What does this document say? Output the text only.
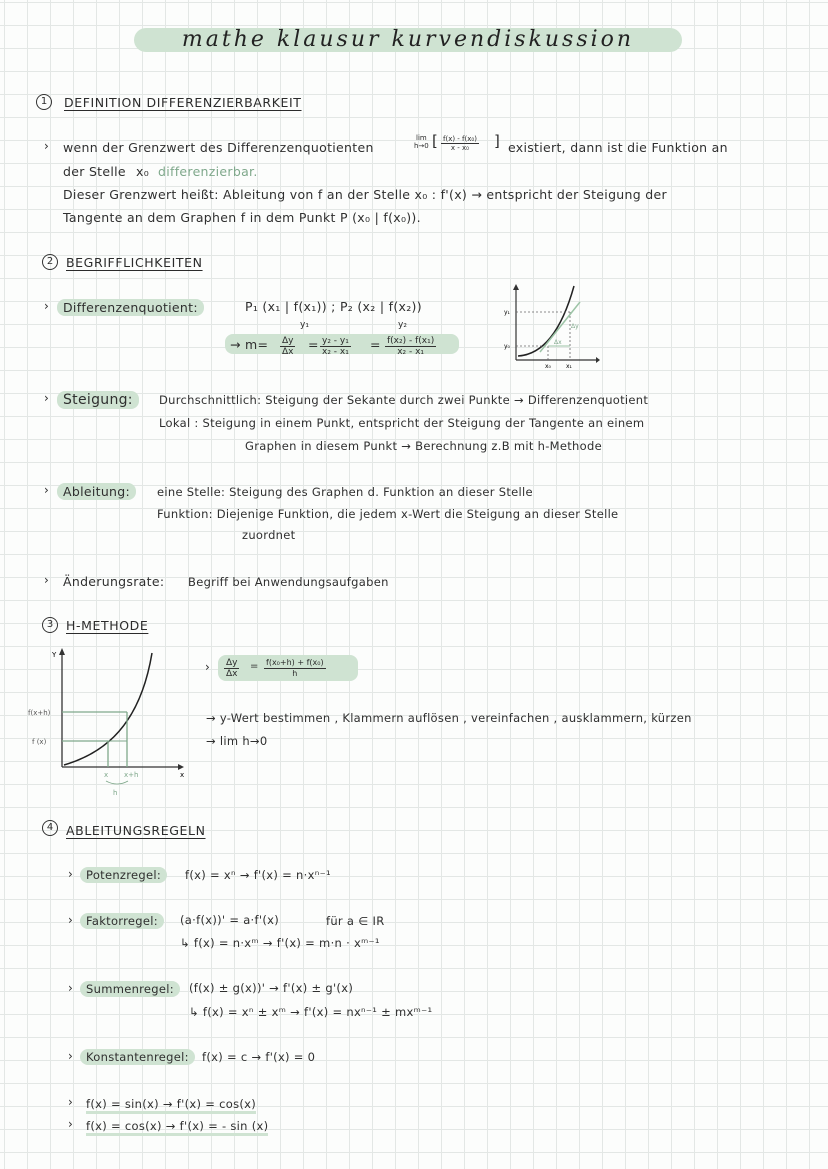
mathe klausur kurvendiskussion
1	DEFINITION DIFFERENZIERBARKEIT
› wenn der Grenzwert des Differenzenquotienten
lim
h→0 [ $\frac{\text{f(x) - f(x₀)}}{\text{x - x₀}}$ ] existiert, dann ist die Funktion an
der Stelle x₀ differenzierbar.
Dieser Grenzwert heißt: Ableitung von f an der Stelle x₀ : f'(x) → entspricht der Steigung der
Tangente an dem Graphen f in dem Punkt P (x₀ | f(x₀)).
2	BEGRIFFLICHKEITEN
›	Differenzenquotient:	P₁ (x₁ | f(x₁)) ; P₂ (x₂ | f(x₂))
y₁	y₂
→ $m= \frac{\Delta y}{\Delta x} = \frac{\text{y₂ - y₁}}{\text{x₂ - x₁}} = \frac{\text{f(x₂) - f(x₁)}}{\text{x₂ - x₁}}$
y₁
y₀
Δy
Δx
x₀	x₁
›	Steigung:	Durchschnittlich: Steigung der Sekante durch zwei Punkte → Differenzenquotient
Lokal : Steigung in einem Punkt, entspricht der Steigung der Tangente an einem
Graphen in diesem Punkt → Berechnung z.B mit h-Methode
›	Ableitung:	eine Stelle: Steigung des Graphen d. Funktion an dieser Stelle
Funktion: Diejenige Funktion, die jedem x-Wert die Steigung an dieser Stelle
zuordnet
› Änderungsrate: Begriff bei Anwendungsaufgaben
3	H-METHODE
Y
x
f(x+h)
f (x)
x x+h
h
› $\frac{\Delta y}{\Delta x} = \frac{\text{f(x₀+h) + f(x₀)}}{h}$
→ y-Wert bestimmen , Klammern auflösen , vereinfachen , ausklammern, kürzen
→ lim h→0
4	ABLEITUNGSREGELN
›	Potenzregel:	f(x) = xⁿ → f'(x) = n·xⁿ⁻¹
›	Faktorregel:	(a·f(x))' = a·f'(x)	für a ∈ IR
↳ f(x) = n·xᵐ → f'(x) = m·n · xᵐ⁻¹
›	Summenregel:	(f(x) ± g(x))' → f'(x) ± g'(x)
↳ f(x) = xⁿ ± xᵐ → f'(x) = nxⁿ⁻¹ ± mxᵐ⁻¹
›	Konstantenregel:	f(x) = c → f'(x) = 0
› f(x) = sin(x) → f'(x) = cos(x)
› f(x) = cos(x) → f'(x) = - sin (x)
